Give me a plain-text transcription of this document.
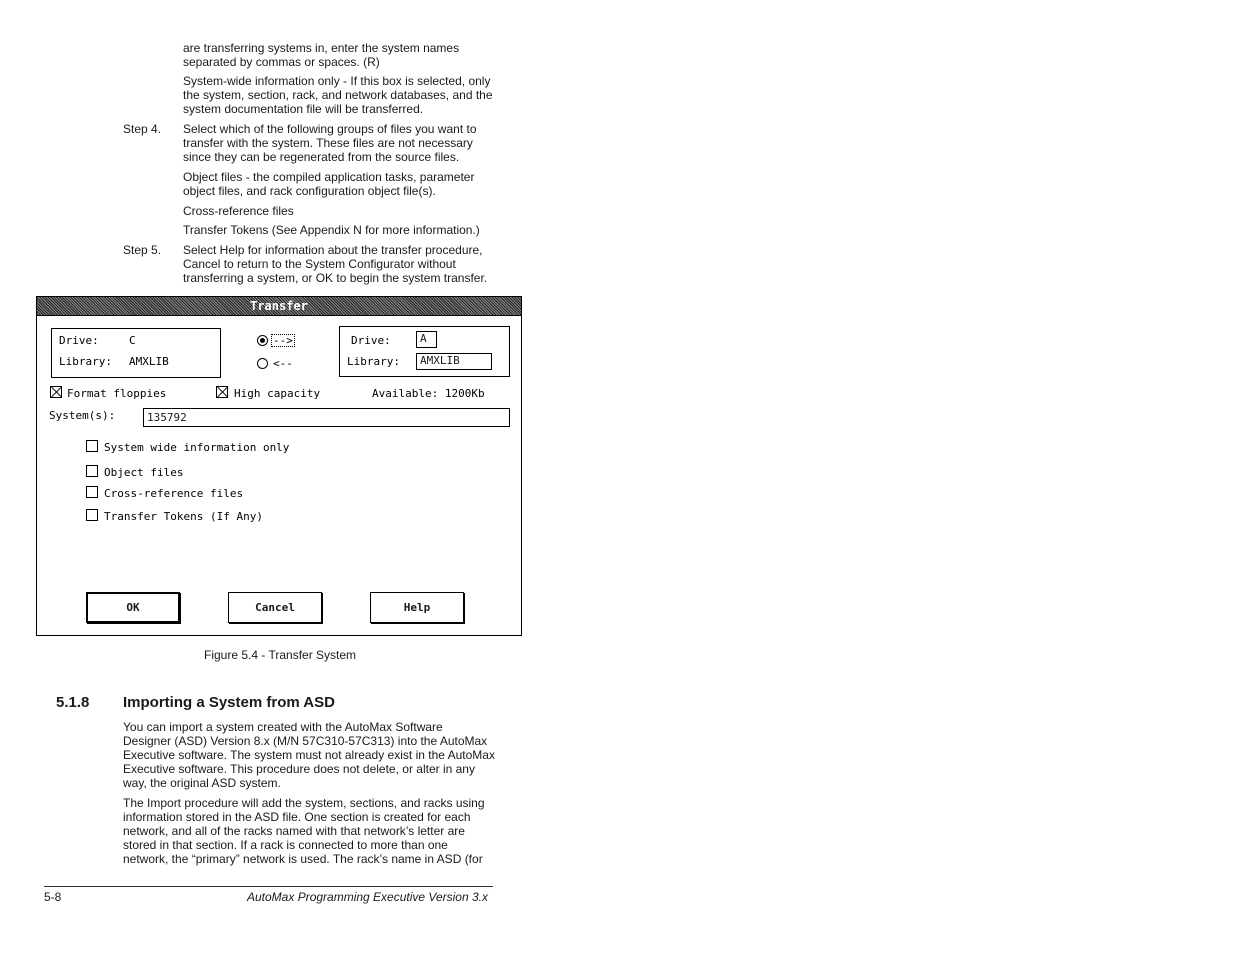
are transferring systems in, enter the system names
separated by commas or spaces. (R)
System-wide information only - If this box is selected, only
the system, section, rack, and network databases, and the
system documentation file will be transferred.
Step 4. Select which of the following groups of files you want to
transfer with the system. These files are not necessary
since they can be regenerated from the source files.
Object files - the compiled application tasks, parameter
object files, and rack configuration object file(s).
Cross-reference files
Transfer Tokens (See Appendix N for more information.)
Step 5. Select Help for information about the transfer procedure,
Cancel to return to the System Configurator without
transferring a system, or OK to begin the system transfer.
Transfer
Drive:	C
Library: AMXLIB
-->
<--
Drive:	A
Library:	AMXLIB
Format floppies	High capacity	Available: 1200Kb
System(s):	135792
System wide information only
Object files
Cross-reference files
Transfer Tokens (If Any)
OK	Cancel	Help
Figure 5.4 - Transfer System
5.1.8 Importing a System from ASD
You can import a system created with the AutoMax Software
Designer (ASD) Version 8.x (M/N 57C310-57C313) into the AutoMax
Executive software. The system must not already exist in the AutoMax
Executive software. This procedure does not delete, or alter in any
way, the original ASD system.
The Import procedure will add the system, sections, and racks using
information stored in the ASD file. One section is created for each
network, and all of the racks named with that network’s letter are
stored in that section. If a rack is connected to more than one
network, the “primary” network is used. The rack’s name in ASD (for
5-8	AutoMax Programming Executive Version 3.x
